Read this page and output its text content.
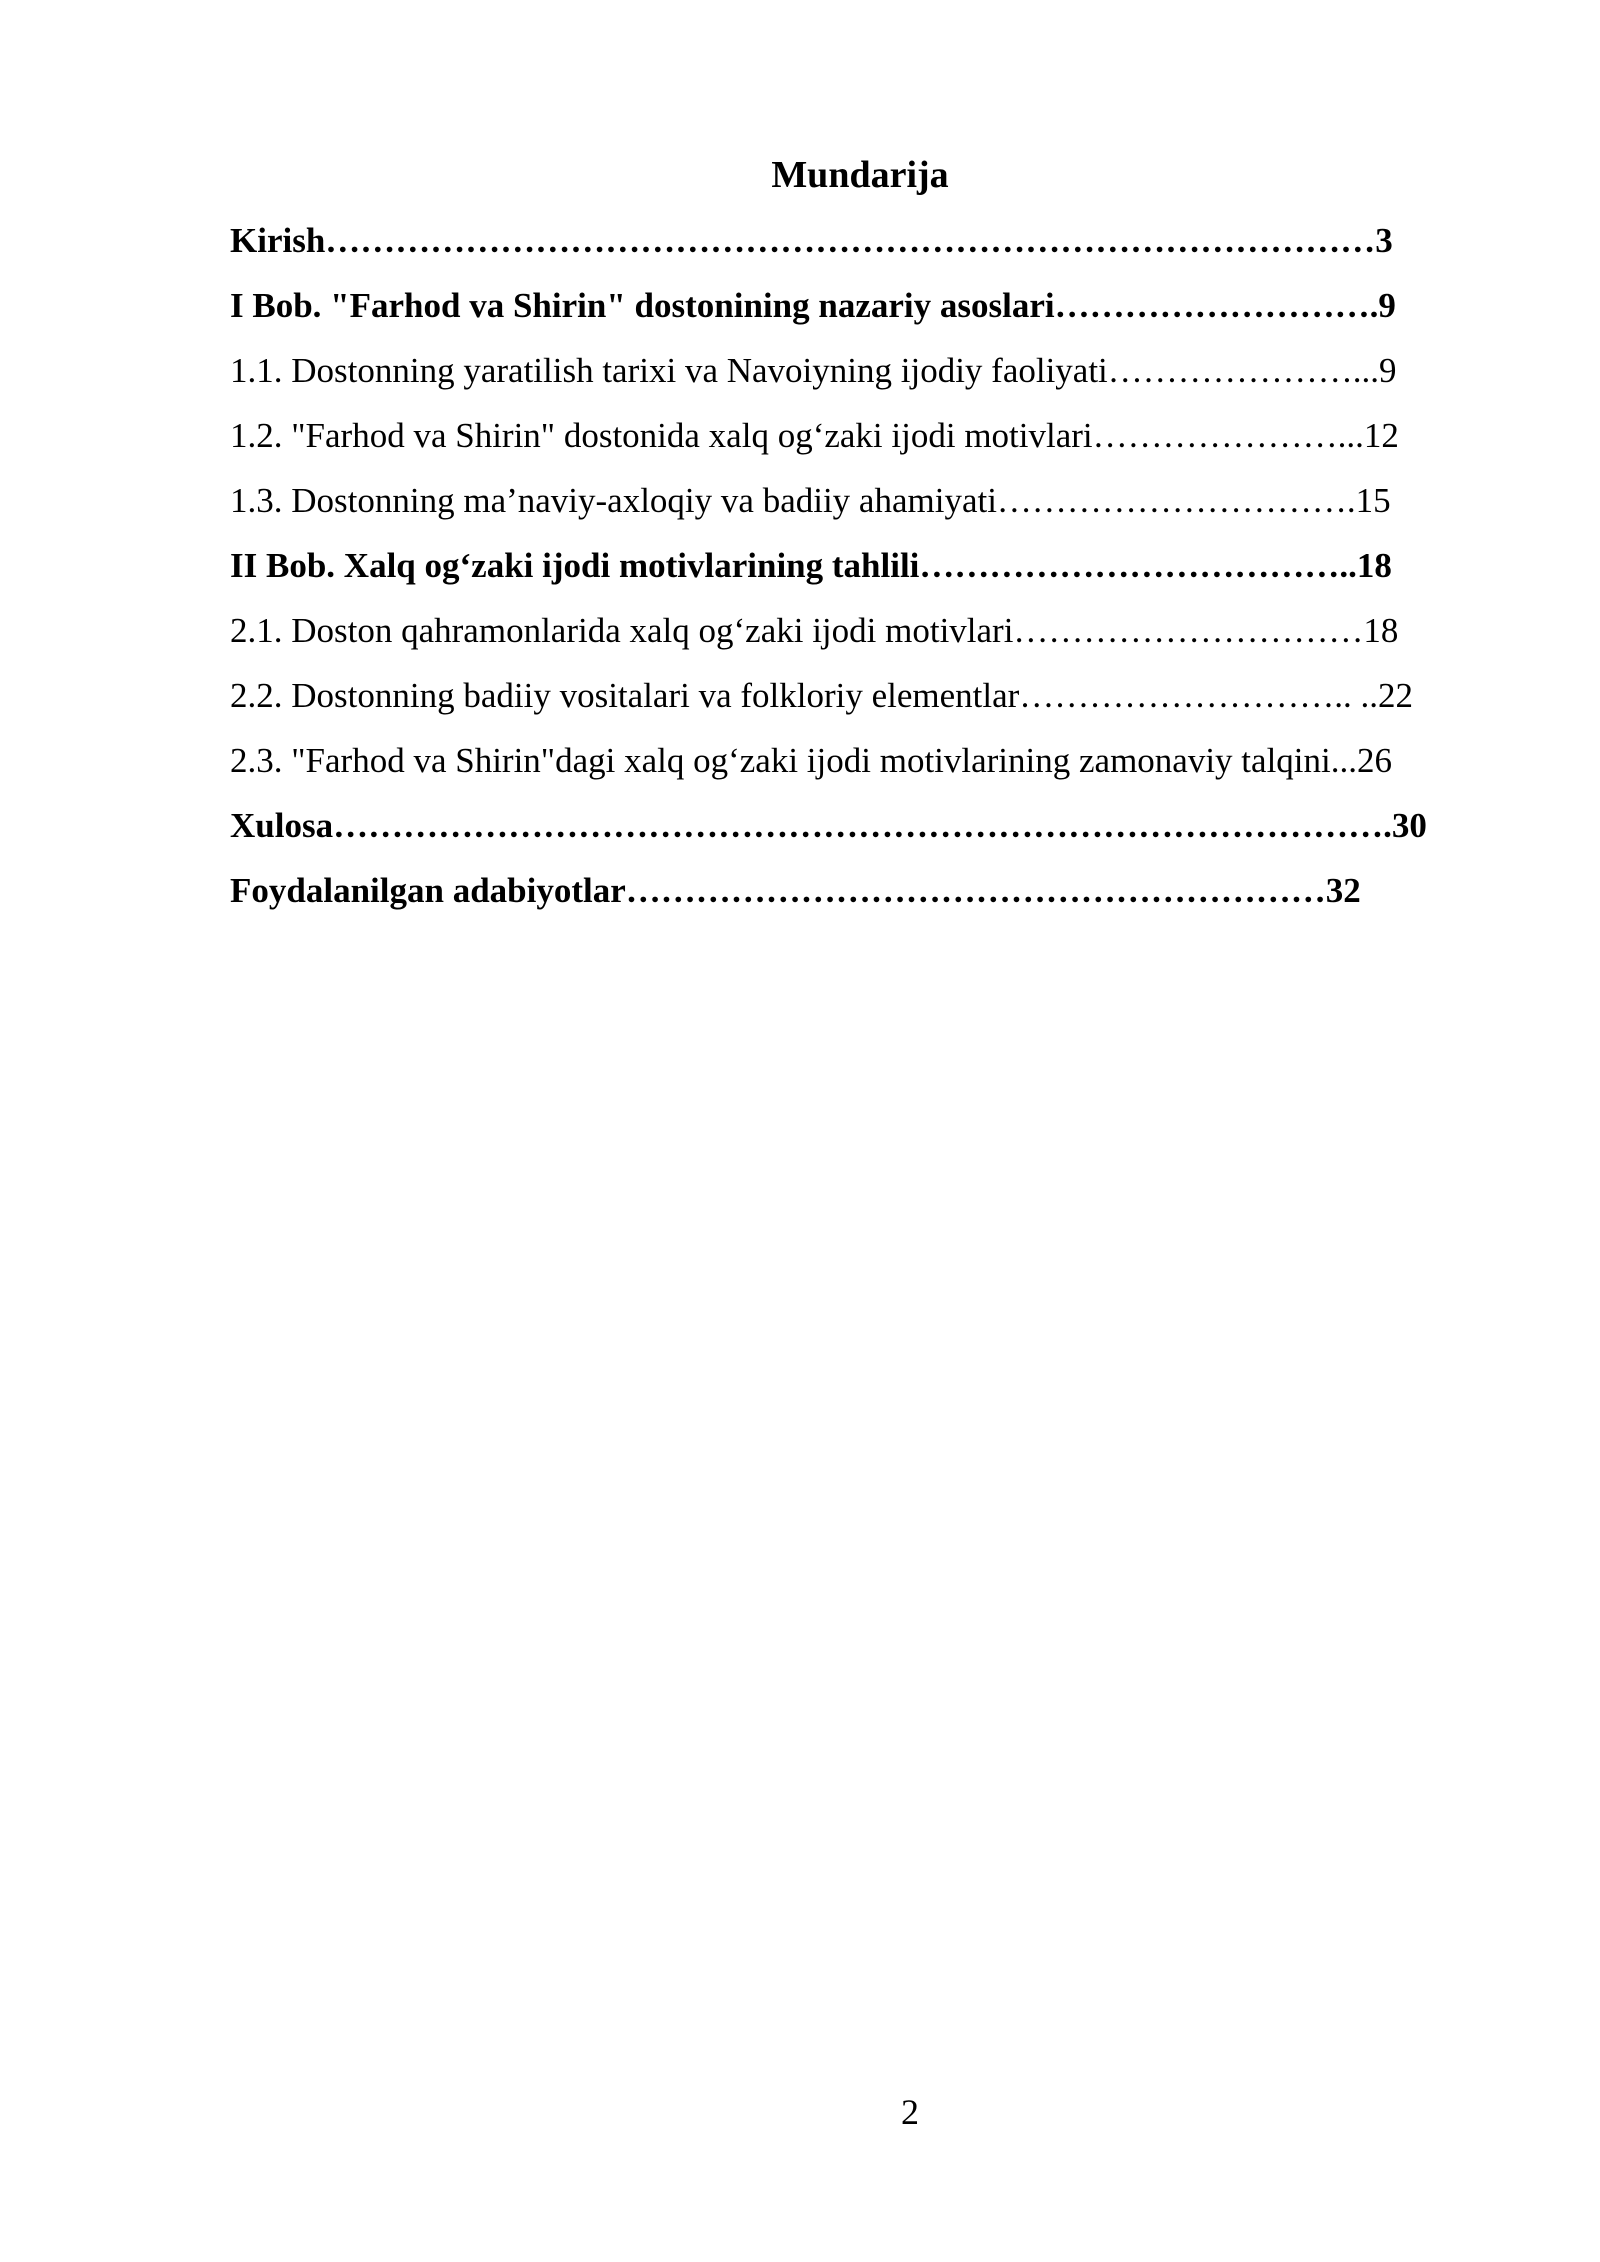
Mundarija
Kirish………………………………………………………………………………3
I Bob. "Farhod va Shirin" dostonining nazariy asoslari……………………….9
1.1. Dostonning yaratilish tarixi va Navoiyning ijodiy faoliyati…………………...9
1.2. "Farhod va Shirin" dostonida xalq og‘zaki ijodi motivlari…………………...12
1.3. Dostonning ma’naviy-axloqiy va badiiy ahamiyati………………………….15
II Bob. Xalq og‘zaki ijodi motivlarining tahlili………………………………..18
2.1. Doston qahramonlarida xalq og‘zaki ijodi motivlari…………………………18
2.2. Dostonning badiiy vositalari va folkloriy elementlar……………………….. ..22
2.3. "Farhod va Shirin"dagi xalq og‘zaki ijodi motivlarining zamonaviy talqini...26
Xulosa……………………………………………………………………………….30
Foydalanilgan adabiyotlar……………………………………………………32
2
